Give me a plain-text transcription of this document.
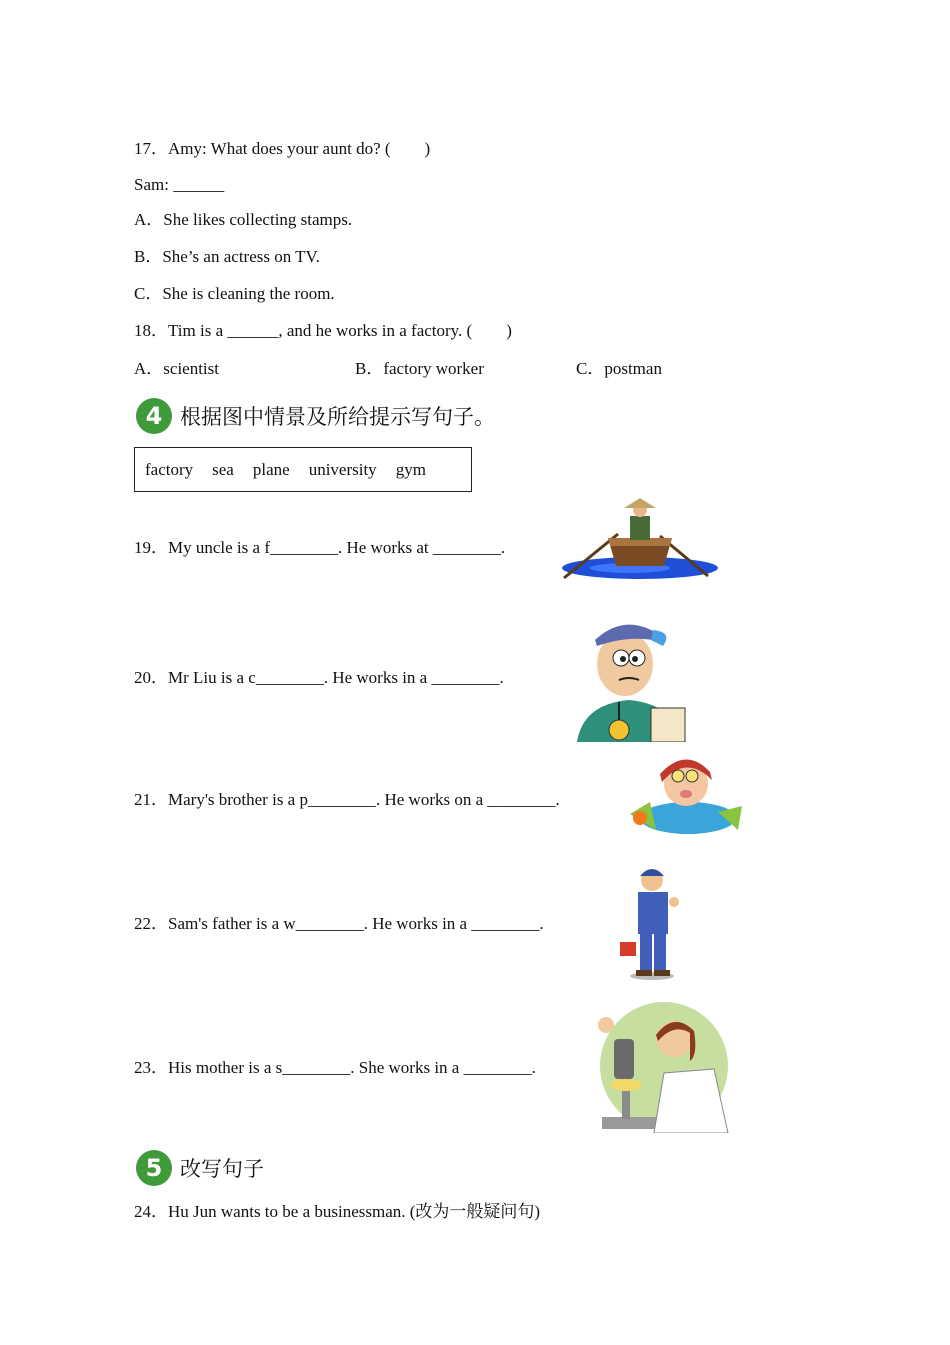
17．Amy: What does your aunt do? (　　)
Sam: ______
A．She likes collecting stamps.
B．She’s an actress on TV.
C．She is cleaning the room.
18．Tim is a ______, and he works in a factory. (　　)
A．scientist	B．factory worker	C．postman
4 根据图中情景及所给提示写句子。
factory sea plane university gym
19．My uncle is a f________. He works at ________.
20．Mr Liu is a c________. He works in a ________.
21．Mary's brother is a p________. He works on a ________.
22．Sam's father is a w________. He works in a ________.
23．His mother is a s________. She works in a ________.
5 改写句子
24．Hu Jun wants to be a businessman. (改为一般疑问句)
